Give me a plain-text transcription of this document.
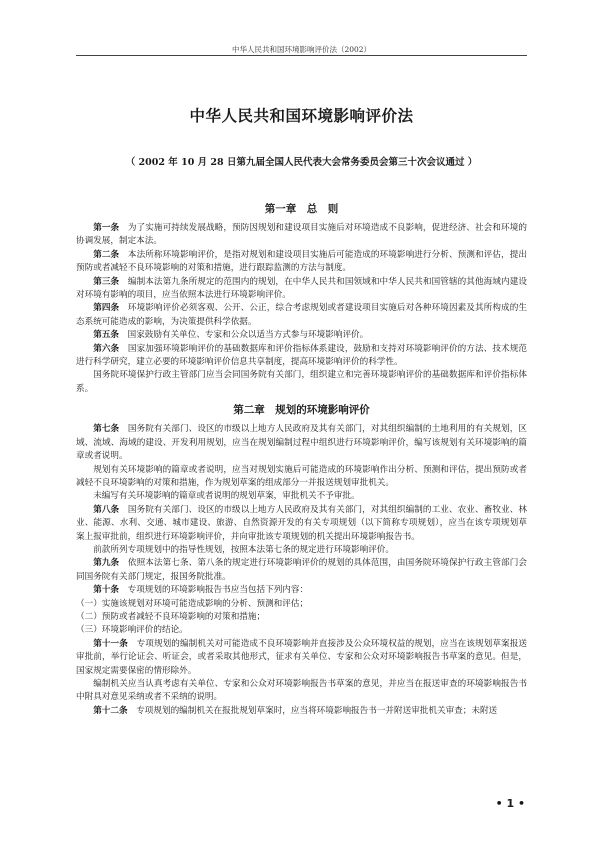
中华人民共和国环境影响评价法（2002）
中华人民共和国环境影响评价法
（ 2002 年 10 月 28 日第九届全国人民代表大会常务委员会第三十次会议通过 ）
第一章　总　则

第一条　 为了实施可持续发展战略，预防因规划和建设项目实施后对环境造成不良影响，促进经济、社会和环境的协调发展，制定本法。

第二条　 本法所称环境影响评价，是指对规划和建设项目实施后可能造成的环境影响进行分析、预测和评估，提出预防或者减轻不良环境影响的对策和措施，进行跟踪监测的方法与制度。

第三条　 编制本法第九条所规定的范围内的规划，在中华人民共和国领域和中华人民共和国管辖的其他海域内建设对环境有影响的项目，应当依照本法进行环境影响评价。

第四条　 环境影响评价必须客观、公开、公正，综合考虑规划或者建设项目实施后对各种环境因素及其所构成的生态系统可能造成的影响，为决策提供科学依据。

第五条　 国家鼓励有关单位、专家和公众以适当方式参与环境影响评价。

第六条　 国家加强环境影响评价的基础数据库和评价指标体系建设，鼓励和支持对环境影响评价的方法、技术规范进行科学研究，建立必要的环境影响评价信息共享制度，提高环境影响评价的科学性。

国务院环境保护行政主管部门应当会同国务院有关部门，组织建立和完善环境影响评价的基础数据库和评价指标体系。

第二章　规划的环境影响评价

第七条　 国务院有关部门、设区的市级以上地方人民政府及其有关部门，对其组织编制的土地利用的有关规划，区域、流域、海域的建设、开发利用规划，应当在规划编制过程中组织进行环境影响评价，编写该规划有关环境影响的篇章或者说明。

规划有关环境影响的篇章或者说明，应当对规划实施后可能造成的环境影响作出分析、预测和评估，提出预防或者减轻不良环境影响的对策和措施，作为规划草案的组成部分一并报送规划审批机关。

未编写有关环境影响的篇章或者说明的规划草案，审批机关不予审批。

第八条　 国务院有关部门、设区的市级以上地方人民政府及其有关部门，对其组织编制的工业、农业、畜牧业、林业、能源、水利、交通、城市建设、旅游、自然资源开发的有关专项规划（以下简称专项规划），应当在该专项规划草案上报审批前，组织进行环境影响评价，并向审批该专项规划的机关提出环境影响报告书。

前款所列专项规划中的指导性规划，按照本法第七条的规定进行环境影响评价。

第九条　 依照本法第七条、第八条的规定进行环境影响评价的规划的具体范围，由国务院环境保护行政主管部门会同国务院有关部门规定，报国务院批准。

第十条　 专项规划的环境影响报告书应当包括下列内容：

（一）实施该规划对环境可能造成影响的分析、预测和评估；

（二）预防或者减轻不良环境影响的对策和措施；

（三）环境影响评价的结论。

第十一条　 专项规划的编制机关对可能造成不良环境影响并直接涉及公众环境权益的规划，应当在该规划草案报送审批前，举行论证会、听证会，或者采取其他形式，征求有关单位、专家和公众对环境影响报告书草案的意见。但是，国家规定需要保密的情形除外。

编制机关应当认真考虑有关单位、专家和公众对环境影响报告书草案的意见，并应当在报送审查的环境影响报告书中附具对意见采纳或者不采纳的说明。

第十二条　 专项规划的编制机关在报批规划草案时，应当将环境影响报告书一并附送审批机关审查；未附送

• 1 •
